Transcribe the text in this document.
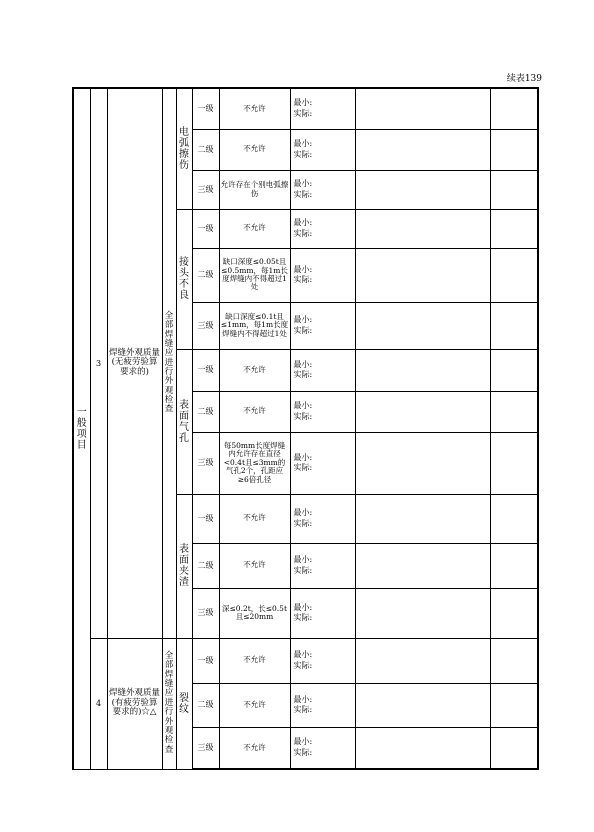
续表139
一般项目	3	焊缝外观质量(无疲劳验算要求的)	全部焊缝应进行外观检查	电弧擦伤	一级	不允许	最小:
实际:		

					二级	不允许	最小:
实际:		

					三级	允许存在个别电弧擦伤	最小:
实际:		

				接头不良	一级	不允许	最小:
实际:		

					二级	缺口深度≤0.05t且≤0.5mm，每1m长度焊缝内不得超过1处	最小:
实际:		

					三级	缺口深度≤0.1t且≤1mm，每1m长度焊缝内不得超过1处	最小:
实际:		

				表面气孔	一级	不允许	最小:
实际:		

					二级	不允许	最小:
实际:		

					三级	每50mm长度焊缝内允许存在直径<0.4t且≤3mm的气孔2个，孔距应≥6倍孔径	最小:
实际:		

				表面夹渣	一级	不允许	最小:
实际:		

					二级	不允许	最小:
实际:		

					三级	深≤0.2t，长≤0.5t且≤20mm	最小:
实际:		

	4	焊缝外观质量(有疲劳验算要求的)☆△	全部焊缝应进行外观检查	裂纹	一级	不允许	最小:
实际:		

					二级	不允许	最小:
实际:		

					三级	不允许	最小:
实际:		
